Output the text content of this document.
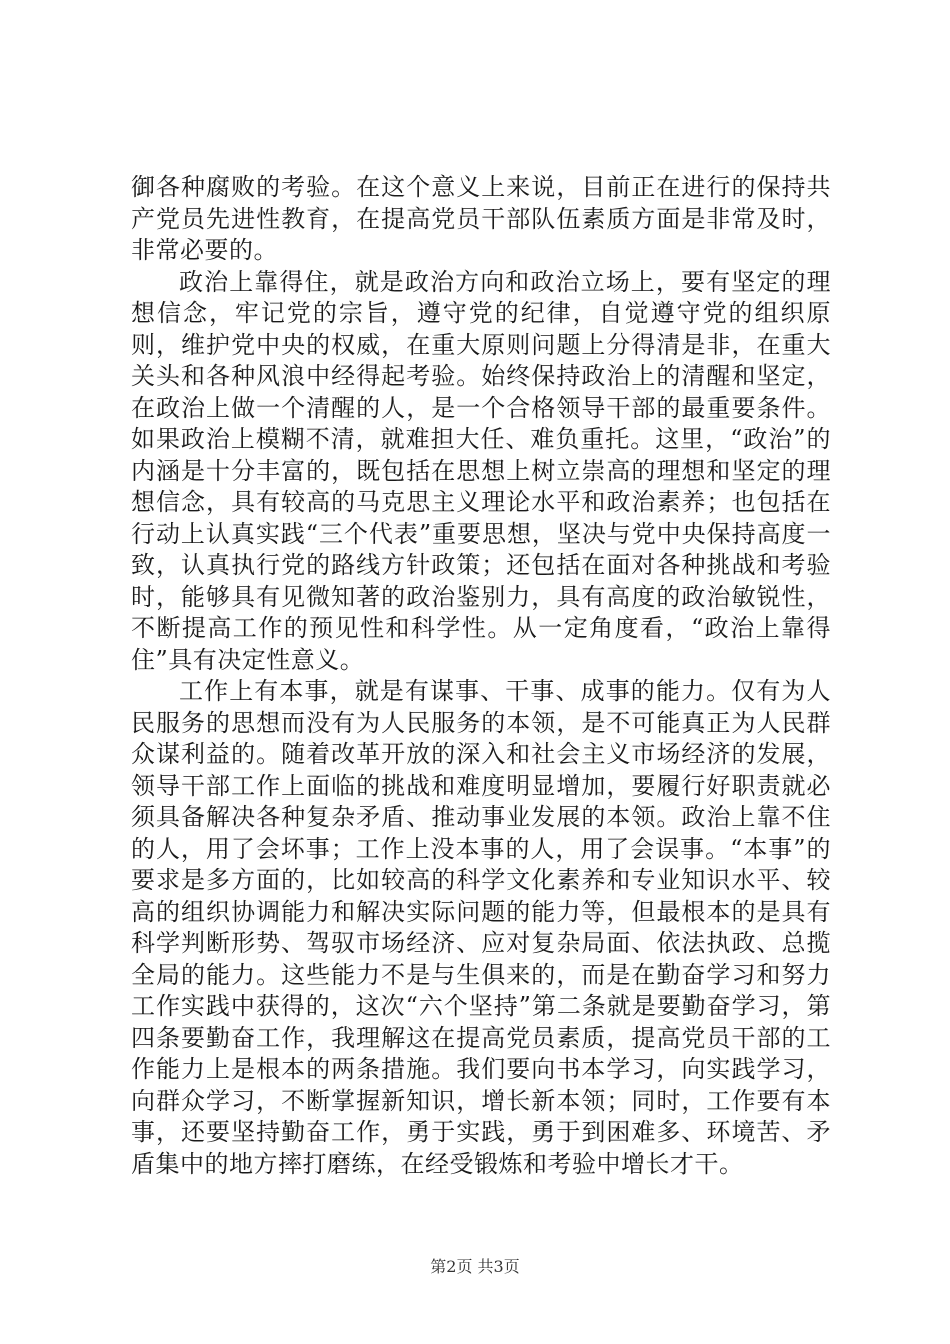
御各种腐败的考验。在这个意义上来说，目前正在进行的保持共产党员先进性教育，在提高党员干部队伍素质方面是非常及时，非常必要的。

政治上靠得住，就是政治方向和政治立场上，要有坚定的理想信念，牢记党的宗旨，遵守党的纪律，自觉遵守党的组织原则，维护党中央的权威，在重大原则问题上分得清是非，在重大关头和各种风浪中经得起考验。始终保持政治上的清醒和坚定，在政治上做一个清醒的人，是一个合格领导干部的最重要条件。如果政治上模糊不清，就难担大任、难负重托。这里，“政治”的内涵是十分丰富的，既包括在思想上树立崇高的理想和坚定的理想信念，具有较高的马克思主义理论水平和政治素养；也包括在行动上认真实践“三个代表”重要思想，坚决与党中央保持高度一致，认真执行党的路线方针政策；还包括在面对各种挑战和考验时，能够具有见微知著的政治鉴别力，具有高度的政治敏锐性，不断提高工作的预见性和科学性。从一定角度看，“政治上靠得住”具有决定性意义。

工作上有本事，就是有谋事、干事、成事的能力。仅有为人民服务的思想而没有为人民服务的本领，是不可能真正为人民群众谋利益的。随着改革开放的深入和社会主义市场经济的发展，领导干部工作上面临的挑战和难度明显增加，要履行好职责就必须具备解决各种复杂矛盾、推动事业发展的本领。政治上靠不住的人，用了会坏事；工作上没本事的人，用了会误事。“本事”的要求是多方面的，比如较高的科学文化素养和专业知识水平、较高的组织协调能力和解决实际问题的能力等，但最根本的是具有科学判断形势、驾驭市场经济、应对复杂局面、依法执政、总揽全局的能力。这些能力不是与生俱来的，而是在勤奋学习和努力工作实践中获得的，这次“六个坚持”第二条就是要勤奋学习，第四条要勤奋工作，我理解这在提高党员素质，提高党员干部的工作能力上是根本的两条措施。我们要向书本学习，向实践学习，向群众学习，不断掌握新知识，增长新本领；同时，工作要有本事，还要坚持勤奋工作，勇于实践，勇于到困难多、环境苦、矛盾集中的地方摔打磨练，在经受锻炼和考验中增长才干。

第2页 共3页
